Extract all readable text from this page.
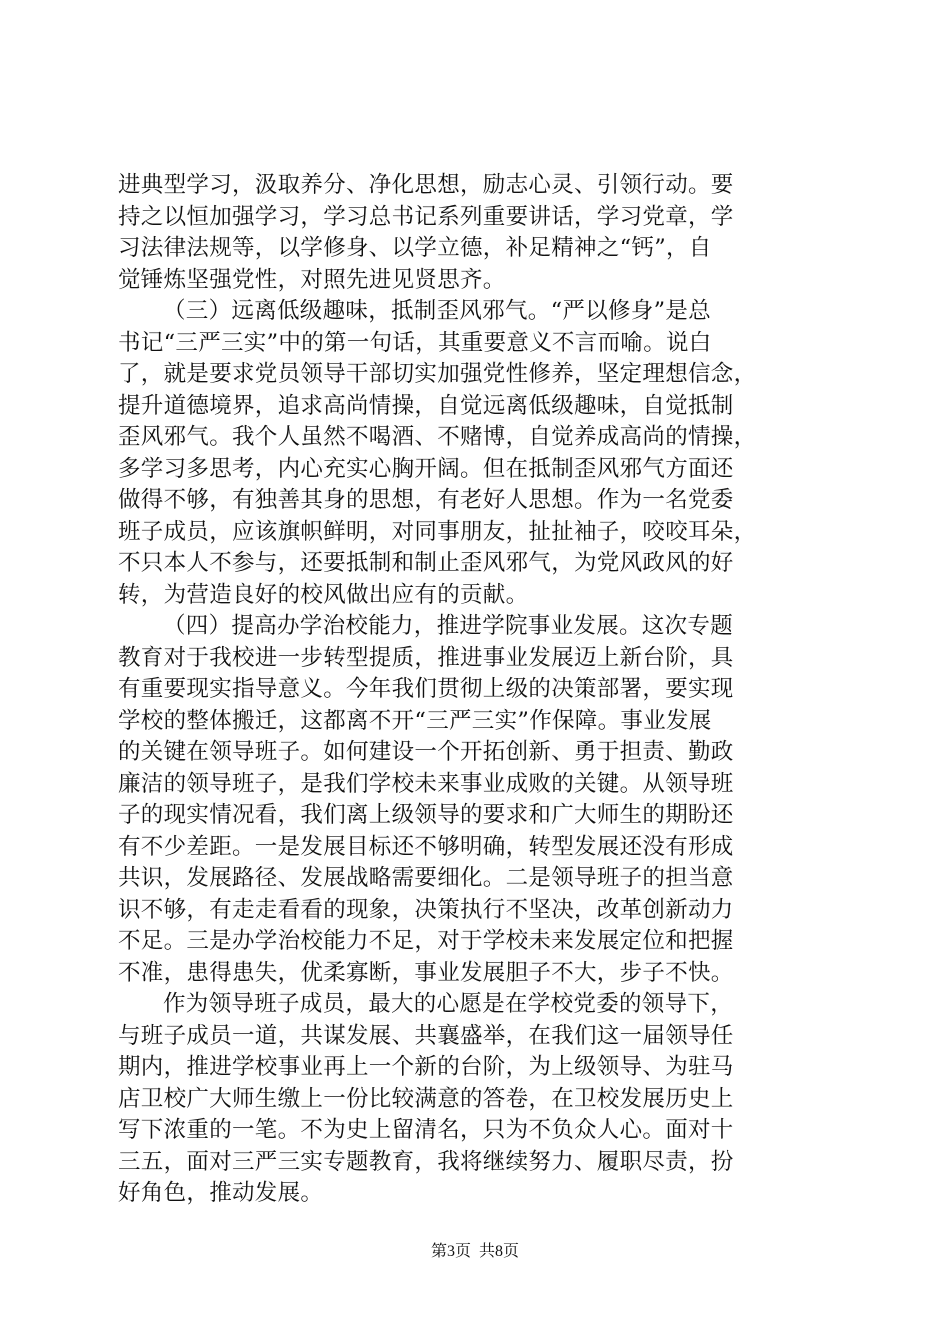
进典型学习，汲取养分、净化思想，励志心灵、引领行动。要
持之以恒加强学习，学习总书记系列重要讲话，学习党章，学
习法律法规等，以学修身、以学立德，补足精神之“钙”，自
觉锤炼坚强党性，对照先进见贤思齐。
（三）远离低级趣味，抵制歪风邪气。“严以修身”是总
书记“三严三实”中的第一句话，其重要意义不言而喻。说白
了，就是要求党员领导干部切实加强党性修养，坚定理想信念，
提升道德境界，追求高尚情操，自觉远离低级趣味，自觉抵制
歪风邪气。我个人虽然不喝酒、不赌博，自觉养成高尚的情操，
多学习多思考，内心充实心胸开阔。但在抵制歪风邪气方面还
做得不够，有独善其身的思想，有老好人思想。作为一名党委
班子成员，应该旗帜鲜明，对同事朋友，扯扯袖子，咬咬耳朵，
不只本人不参与，还要抵制和制止歪风邪气，为党风政风的好
转，为营造良好的校风做出应有的贡献。
（四）提高办学治校能力，推进学院事业发展。这次专题
教育对于我校进一步转型提质，推进事业发展迈上新台阶，具
有重要现实指导意义。今年我们贯彻上级的决策部署，要实现
学校的整体搬迁，这都离不开“三严三实”作保障。事业发展
的关键在领导班子。如何建设一个开拓创新、勇于担责、勤政
廉洁的领导班子，是我们学校未来事业成败的关键。从领导班
子的现实情况看，我们离上级领导的要求和广大师生的期盼还
有不少差距。一是发展目标还不够明确，转型发展还没有形成
共识，发展路径、发展战略需要细化。二是领导班子的担当意
识不够，有走走看看的现象，决策执行不坚决，改革创新动力
不足。三是办学治校能力不足，对于学校未来发展定位和把握
不准，患得患失，优柔寡断，事业发展胆子不大，步子不快。
作为领导班子成员，最大的心愿是在学校党委的领导下，
与班子成员一道，共谋发展、共襄盛举，在我们这一届领导任
期内，推进学校事业再上一个新的台阶，为上级领导、为驻马
店卫校广大师生缴上一份比较满意的答卷，在卫校发展历史上
写下浓重的一笔。不为史上留清名，只为不负众人心。面对十
三五，面对三严三实专题教育，我将继续努力、履职尽责，扮
好角色，推动发展。
第3页 共8页
